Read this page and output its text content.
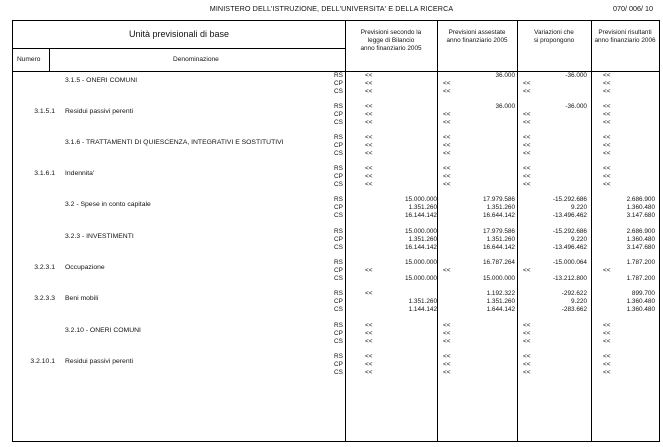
MINISTERO DELL'ISTRUZIONE, DELL'UNIVERSITA' E DELLA RICERCA	070/ 006/ 10
Unità previsionali di base
Numero	Denominazione
Previsioni secondo la
legge di Bilancio
anno finanziario 2005
Previsioni assestate
anno finanziario 2005
Variazioni che
si propongono
Previsioni risultanti
anno finanziario 2006
3.1.5 - ONERI COMUNI
RS
CP
CS
<<
<<
<<
36.000
<<
<<
-36.000
<<
<<
<<
<<
<<
3.1.5.1 Residui passivi perenti
RS
CP
CS
<<
<<
<<
36.000
<<
<<
-36.000
<<
<<
<<
<<
<<
3.1.6 - TRATTAMENTI DI QUIESCENZA, INTEGRATIVI E SOSTITUTIVI
RS
CP
CS
<<
<<
<<
<<
<<
<<
<<
<<
<<
<<
<<
<<
3.1.6.1 Indennita'
RS
CP
CS
<<
<<
<<
<<
<<
<<
<<
<<
<<
<<
<<
<<
3.2 - Spese in conto capitale
RS
CP
CS
15.000.000
1.351.260
16.144.142
17.979.586
1.351.260
16.644.142
-15.292.686
9.220
-13.496.462
2.686.900
1.360.480
3.147.680
3.2.3 - INVESTIMENTI
RS
CP
CS
15.000.000
1.351.260
16.144.142
17.979.586
1.351.260
16.644.142
-15.292.686
9.220
-13.496.462
2.686.900
1.360.480
3.147.680
3.2.3.1 Occupazione
RS
CP
CS
15.000.000
<<
15.000.000
16.787.264
<<
15.000.000
-15.000.064
<<
-13.212.800
1.787.200
<<
1.787.200
3.2.3.3 Beni mobili
RS
CP
CS
<<
1.351.260
1.144.142
1.192.322
1.351.260
1.644.142
-292.622
9.220
-283.662
899.700
1.360.480
1.360.480
3.2.10 - ONERI COMUNI
RS
CP
CS
<<
<<
<<
<<
<<
<<
<<
<<
<<
<<
<<
<<
3.2.10.1 Residui passivi perenti
RS
CP
CS
<<
<<
<<
<<
<<
<<
<<
<<
<<
<<
<<
<<
